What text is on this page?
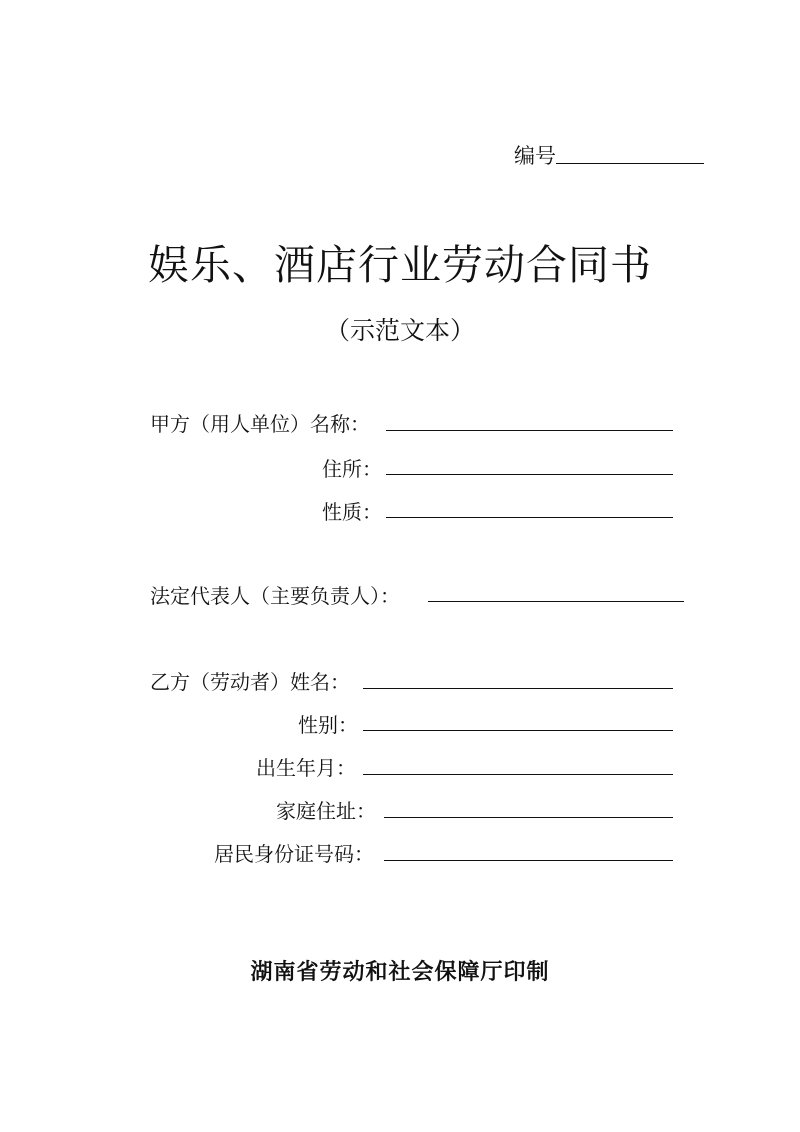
编号
娱乐、酒店行业劳动合同书
（示范文本）
甲方（用人单位）名称：
住所：
性质：
法定代表人（主要负责人）：
乙方（劳动者）姓名：
性别：
出生年月：
家庭住址：
居民身份证号码：
湖南省劳动和社会保障厅印制
